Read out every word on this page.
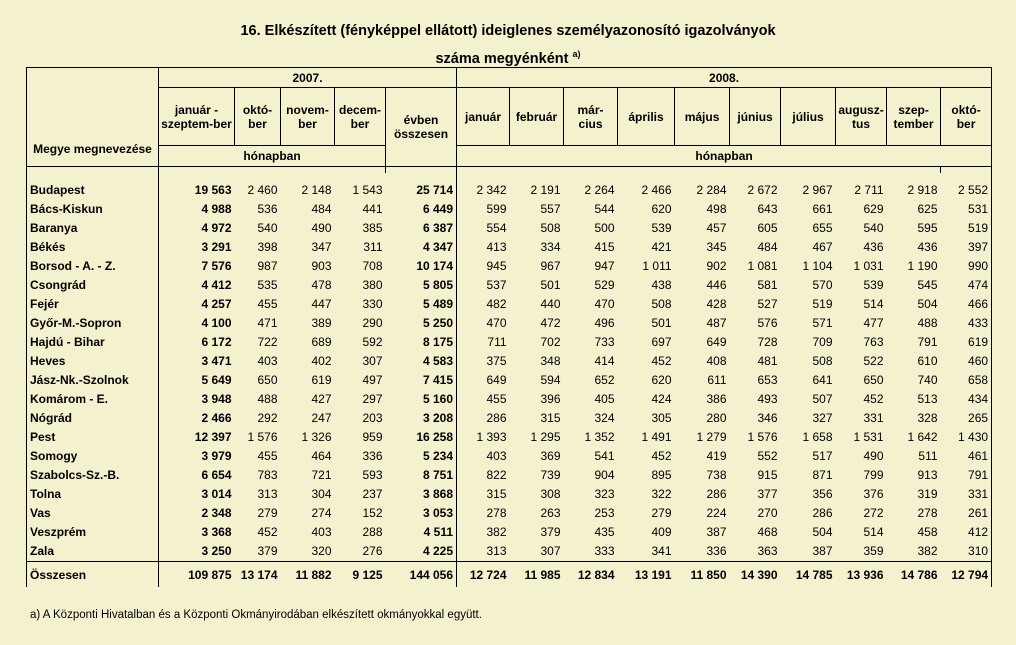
16. Elkészített (fényképpel ellátott) ideiglenes személyazonosító igazolványok
száma megyénként $^{a)}$
Megye megnevezése	2007.					2008.									
	január - szeptem-ber	októ-ber	novem-ber	decem-ber	évben összesen	január	február	már-cius	április	május	június	július	augusz-tus	szep-tember	októ-ber
	hónapban					hónapban									

Budapest	19 563	2 460	2 148	1 543	25 714	2 342	2 191	2 264	2 466	2 284	2 672	2 967	2 711	2 918	2 552
Bács-Kiskun	4 988	536	484	441	6 449	599	557	544	620	498	643	661	629	625	531
Baranya	4 972	540	490	385	6 387	554	508	500	539	457	605	655	540	595	519
Békés	3 291	398	347	311	4 347	413	334	415	421	345	484	467	436	436	397
Borsod - A. - Z.	7 576	987	903	708	10 174	945	967	947	1 011	902	1 081	1 104	1 031	1 190	990
Csongrád	4 412	535	478	380	5 805	537	501	529	438	446	581	570	539	545	474
Fejér	4 257	455	447	330	5 489	482	440	470	508	428	527	519	514	504	466
Győr-M.-Sopron	4 100	471	389	290	5 250	470	472	496	501	487	576	571	477	488	433
Hajdú - Bihar	6 172	722	689	592	8 175	711	702	733	697	649	728	709	763	791	619
Heves	3 471	403	402	307	4 583	375	348	414	452	408	481	508	522	610	460
Jász-Nk.-Szolnok	5 649	650	619	497	7 415	649	594	652	620	611	653	641	650	740	658
Komárom - E.	3 948	488	427	297	5 160	455	396	405	424	386	493	507	452	513	434
Nógrád	2 466	292	247	203	3 208	286	315	324	305	280	346	327	331	328	265
Pest	12 397	1 576	1 326	959	16 258	1 393	1 295	1 352	1 491	1 279	1 576	1 658	1 531	1 642	1 430
Somogy	3 979	455	464	336	5 234	403	369	541	452	419	552	517	490	511	461
Szabolcs-Sz.-B.	6 654	783	721	593	8 751	822	739	904	895	738	915	871	799	913	791
Tolna	3 014	313	304	237	3 868	315	308	323	322	286	377	356	376	319	331
Vas	2 348	279	274	152	3 053	278	263	253	279	224	270	286	272	278	261
Veszprém	3 368	452	403	288	4 511	382	379	435	409	387	468	504	514	458	412
Zala	3 250	379	320	276	4 225	313	307	333	341	336	363	387	359	382	310
Összesen	109 875	13 174	11 882	9 125	144 056	12 724	11 985	12 834	13 191	11 850	14 390	14 785	13 936	14 786	12 794
a) A Központi Hivatalban és a Központi Okmányirodában elkészített okmányokkal együtt.
